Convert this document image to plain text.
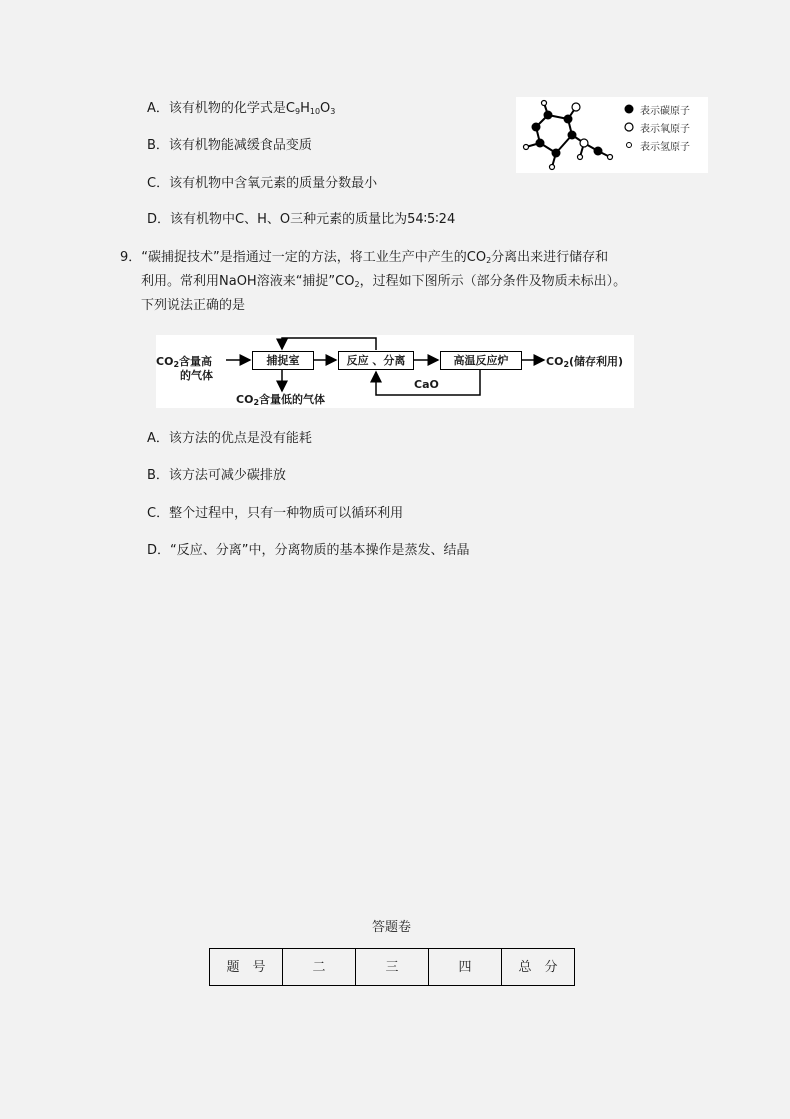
A．该有机物的化学式是$C_9H_{10}O_3$
B．该有机物能减缓食品变质
C．该有机物中含氧元素的质量分数最小
D．该有机物中C、H、O三种元素的质量比为54∶5∶24
表示碳原子
表示氧原子
表示氢原子
9．“碳捕捉技术”是指通过一定的方法，将工业生产中产生的$CO_2$分离出来进行储存和
利用。常利用NaOH溶液来“捕捉$”CO_2$，过程如下图所示（部分条件及物质未标出）。
下列说法正确的是
$CO_2$含量高
的气体
捕捉室	反应 、分离	高温反应炉	$CO_2$(储存利用)
CaO
$CO_2$含量低的气体
A．该方法的优点是没有能耗
B．该方法可减少碳排放
C．整个过程中，只有一种物质可以循环利用
D．“反应、分离”中，分离物质的基本操作是蒸发、结晶
答题卷
题　号	二	三	四	总　分
